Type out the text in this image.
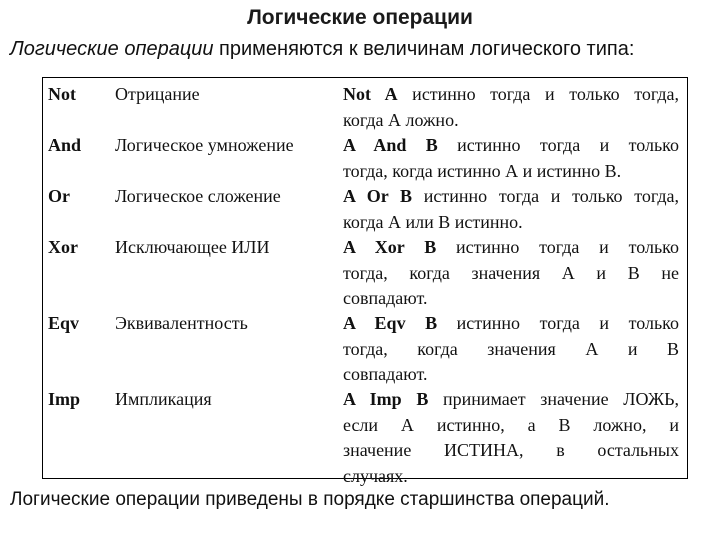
Логические операции
Логические операции применяются к величинам логического типа:
Not Отрицание	Not A истинно тогда и только тогда,
когда А ложно.
And Логическое умножение	A And B истинно тогда и только
тогда, когда истинно А и истинно В.
Or	Логическое сложение	A Or B истинно тогда и только тогда,
когда А или В истинно.
Xor Исключающее ИЛИ	A Xor B истинно тогда и только
тогда, когда значения А и В не
совпадают.
Eqv Эквивалентность	A Eqv B истинно тогда и только
тогда, когда значения А и В
совпадают.
Imp Импликация	A Imp B принимает значение ЛОЖЬ,
если А истинно, а В ложно, и
значение ИСТИНА, в остальных
случаях.
Логические операции приведены в порядке старшинства операций.
